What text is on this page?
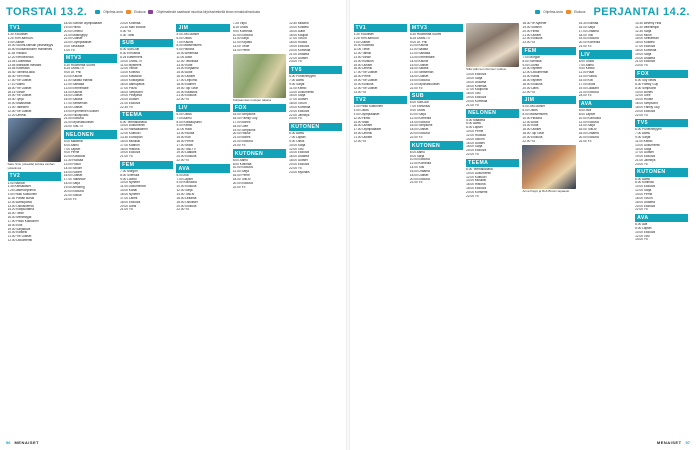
TORSTAI 13.2.	Ohjelma-arvio	Elokuva	Ohjelmatiedot saattavat muuttua kirjoitushetkellä ilman ennakkoilmoitusta
TV1
5.30 Yöuutiset
6.25 Ylen aamu-tv.
9.00 Uutiset
10.00 Suomi-kansan yksinäisyys
10.50 Kuusankosken mahtimies
11.35 Viisikko
12.20 Rendezvous
13.05 Luotettava
13.55 Mahtavat mestarit
14.55 Kotimaan
15.40 Toiminta-aika
16.30 Ylen maa
17.00 Yle Uutiset
17.10 Valittu
18.00 Yle Uutiset
18.15 Viihde
19.00 Yle Uutiset
19.40 Tyhjä
20.00 Maanantai
21.00 Taiteiden
22.00 Yle Uutiset
22.20 Urheilu
Saku Sinu (oikealla) kohtaa vanhan ystävänsä
TV2
6.00 Naxxon
6.35 Kansalaiset
7.25 Lastenohjelmia
9.00 Pikku Kakkonen
11.30 Pahan kurssi
12.00 Aamupäivä
13.00 Ostoskierros
14.20 Kotipuutarha
15.00 Tiede
16.00 Menestyjät
17.00 Pikku Kakkonen
18.00 Eliöt
19.00 Sarjakuva
20.00 Kotiliesi
21.00 Yle Uutiset
22.00 Dokumentti
18.45 Sotshin olympialaiset
19.00 Hiihto
20.00 Urheilu
21.00 Mäkihyppy
22.00 Uutiset
23.00 Olympialaiset
0.00 Seuraava
1.00 Yö
MTV3
5.30 Huomenta Suomi
8.25 Ostos-TV
9.00 Dr. Phil
10.00 Kauniit
11.00 Salatut elämät
12.00 Sairaala
13.00 Emmerdale
14.00 Kauniit
15.00 Uutiset
16.00 Salatut
17.00 Seitsemän
18.00 Uutiset
19.00 Kymmenen uutiset
20.00 Rikospoliisi
21.00 Elokuva
22.00 Myöhäisuutiset
23.00 Tosi-TV
NELONEN
5.00 Maailma
6.00 Aamu
7.00 Lapset
9.00 Perhe
10.00 Kotikokki
11.30 Ruokaa
13.00 Hullut
14.00 Sitcom
15.00 Nuoret
16.00 Uutiset
17.00 Talkshow
18.00 Sarja
19.00 Amazing
20.00 Elokuva
22.00 Sotkut
23.00 Yö
23.00 Kotimaa
23.30 Max Woods
0.00 Yö
0.30 Tähti
SUB
6.00 SubClub
6.30 Ennustus
8.25 Easterners
10.00 Ostos-TV
11.00 Mysteerit
12.00 Viihde
13.00 Kotisivu
14.00 Klassikot
15.00 Kotikirjasto
16.00 Aamupäivä
17.00 Pizza
18.00 Simpsonit
19.00 Pihajuhla
20.00 Uutiset
21.00 Elokuva
22.30 Yö
TEEMA
6.00 Teemakanava
10.00 Dokumentti
11.00 Ranskalainen
12.00 Kulttuuri
13.30 Euroopan
15.00 Musiikki
17.00 Kaanon
18.00 Historia
19.00 Elokuva
21.00 Yö
FEM
7.00 Morgon
8.00 Svenska
9.00 Luonto
10.00 Nyheter
11.00 Dokumentär
14.00 Kanal
16.00 Nyheter
17.00 Lantis
18.00 Elokuva
20.00 Dans
21.00 Yö
JIM
5.00 JIM-uutiset
6.00 Ostos
7.00 Kaunis
8.00 Madventures
9.00 Historia
10.00 Amerikka
11.00 Autot
12.00 Tekniikka
13.00 Kodit
14.00 Korjaamo
15.00 Autot
16.00 Uutiset
17.00 Leipomo
18.00 Eläimet
19.00 Top Gear
20.00 Kalastus
21.00 Elokuva
22.00 Yö
LIV
6.00 Ostos
7.00 Aamu
8.00 Kotikaupunki
9.00 Keittiö
11.00 Häät
13.00 Ruoka
15.00 Koti
16.00 Perhe
17.00 Muoti
18.00 Tosi-TV
19.00 Lääkärit
20.00 Elokuva
22.00 Yö
AVA
6.00 Ava
7.00 Lapset
9.00 Kotiruoka
10.00 Elokuva
12.00 Sarja
14.00 Tosi-tv
16.00 Draama
18.00 Ostokset
20.00 Elokuva
22.00 Yö
7.25 Viipo
8.15 Ostos
9.00 Komedia
10.00 Elokuva
11.00 Sarja
12.00 Kirjasto
13.00 Tiede
14.00 Perhe
Kohtaamiset ruutujen takana
FOX
15.00 Simpsonit
16.00 Family Guy
17.00 Bones
18.00 Glee
19.00 Simpsonit
20.00 House
21.00 Bones
22.00 Elokuva
23.00 Yö
KUTONEN
6.00 Aamu
8.00 Kotimaa
10.00 Elokuva
12.00 Sarja
16.00 Perhe
18.00 Tosi-tv
20.00 Elokuva
22.00 Yö
12.50 Milliardi
14.00 Kotiliesi
15.00 Autot
16.00 Kaupat
17.00 Tosi-tv
18.00 Ruoka
19.00 Elokuva
20.00 Komedia
21.00 Draama
22.00 Uutiset
23.00 Yö
TV5
6.00 Puhelinmyynti
7.00 Aamu
9.00 Sarjat
11.00 Keittiö
13.00 Dokumentti
15.00 Sarja
17.00 Uutiset
18.00 Tosi-tv
19.00 Komedia
20.00 Elokuva
22.00 Jännitys
23.00 Yö
KUTONEN
6.00 Aamu
7.00 Lapset
9.00 Ostos
10.00 Sarja
12.00 Tosi
14.00 Elokuva
16.00 Draama
18.00 Uutiset
20.00 Elokuva
22.00 Yö
23.00 Myöhäis
96 MENAISET
Ohjelma-arvio	Elokuva PERJANTAI 14.2.
TV1
5.30 Yöuutiset
6.25 Ylen aamu-tv
9.00 Uutiset
10.00 Kotimaa
11.00 Tiede
12.00 Tanssi
13.00 Viihde
14.00 Kulttuuri
15.00 Uutiset
16.00 Urheilu
17.00 Yle Uutiset
18.00 Perhe
19.00 Yle Uutiset
20.00 Elokuva
22.00 Yle Uutiset
23.00 Yö
TV2
6.00 Pikku Kakkonen
8.00 Ostos
9.00 Olympialaiset
12.00 Hiihto
14.00 Mäki
16.00 Uutiset
17.00 Olympialaiset
19.00 Urheilu
21.00 Uutiset
22.00 Yö
MTV3
5.30 Huomenta Suomi
8.25 Ostos-TV
9.00 Dr. Phil
10.00 Kauniit
11.00 Salatut
12.00 Sairaala
13.00 Emmerdale
14.00 Kauniit
15.00 Uutiset
16.00 Salatut
17.00 Seitsemän
18.00 Uutiset
19.00 Elokuva
21.00 Myöhäisuutiset
22.00 Yö
SUB
6.00 SubClub
7.00 Ennustus
9.00 Ostos
10.00 Sarja
12.00 Komedia
14.00 Elokuva
16.00 Simpsonit
18.00 Uutiset
20.00 Elokuva
22.00 Yö
KUTONEN
6.00 Aamu
8.00 Sarja
10.00 Elokuva
12.00 Komedia
14.00 Tosi
16.00 Draama
18.00 Uutiset
20.00 Elokuva
22.00 Yö
Sillä välin kun ihminen nukkuu
13.00 Elokuva
14.00 Sarja
15.00 Draama
16.00 Kotimaa
17.00 Kaupunki
18.00 Tosi
19.00 Elokuva
20.00 Komedia
21.00 Yö
NELONEN
5.00 Maailma
6.00 Aamu
8.00 Lapset
10.00 Perhe
12.00 Ruokaa
14.00 Sitcom
16.00 Uutiset
18.00 Sarja
20.00 Elokuva
22.00 Yö
TEEMA
6.00 Teemakanava
10.00 Dokumentti
12.00 Kulttuuri
14.00 Musiikki
16.00 Historia
18.00 Elokuva
20.00 Konsertti
22.00 Yö
18.30 Ye Nyheter
19.00 Sotshin
20.00 Hiihto
21.00 Uutiset
22.00 Elokuva
23.00 Yö
FEM
7.00 Morgon
8.00 Svenska
9.00 Luonto
10.00 Nyheter
12.00 Dokumentär
14.00 Kanal
16.00 Nyheter
18.00 Elokuva
20.00 Dans
22.00 Yö
JIM
5.00 JIM-uutiset
6.00 Ostos
8.00 Madventures
10.00 Historia
12.00 Autot
14.00 Kodit
16.00 Uutiset
18.00 Top Gear
20.00 Elokuva
22.00 Yö
Anna Pappi ja Rob Brown tapaavat
15.30 Elämää
16.00 Sarja
17.00 Draama
18.00 Tosi
19.00 Elokuva
20.00 Komedia
21.00 Yö
LIV
6.00 Ostos
7.00 Aamu
9.00 Keittiö
11.00 Häät
13.00 Ruoka
15.00 Koti
17.00 Muoti
19.00 Lääkärit
21.00 Elokuva
23.00 Yö
AVA
6.00 Ava
8.00 Lapset
10.00 Kotiruoka
12.00 Elokuva
14.00 Sarja
16.00 Tosi-tv
18.00 Draama
20.00 Elokuva
22.00 Yö
10.30 Beverly Hills
11.30 Valehtelijat
12.30 Sarja
14.00 Muoti
15.00 Seitsemän
16.00 Kotiliesi
17.00 Elokuva
18.00 Komedia
19.00 Sarja
20.00 Draama
21.00 Elokuva
23.00 Yö
FOX
6.00 Sky News
6.30 Family Guy
8.00 Simpsonit
10.00 Bones
12.00 Glee
14.00 House
16.00 Simpsonit
18.00 Family Guy
20.00 Elokuva
22.00 Yö
TV5
6.00 Puhelinmyynti
7.00 Aamu
9.00 Sarjat
11.00 Keittiö
13.00 Dokumentti
15.00 Sarja
17.00 Uutiset
19.00 Elokuva
21.00 Jännitys
23.00 Yö
KUTONEN
6.00 Aamu
8.00 Kotimaa
10.00 Elokuva
12.00 Sarja
14.00 Perhe
16.00 Tosi-tv
18.00 Draama
20.00 Elokuva
22.00 Yö
AVA
6.00 Ava
8.00 Lapset
10.00 Elokuva
12.00 Tosi
14.00 Yö
MENAISET 97
